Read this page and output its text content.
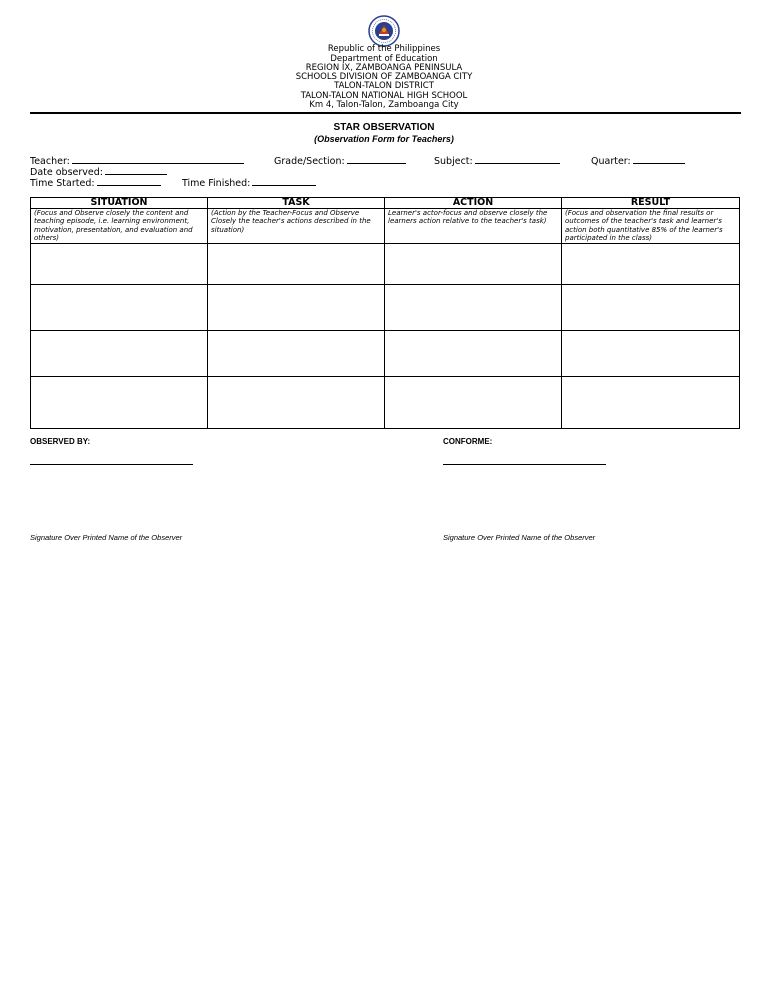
Republic of the Philippines
Department of Education
REGION IX, ZAMBOANGA PENINSULA
SCHOOLS DIVISION OF ZAMBOANGA CITY
TALON-TALON DISTRICT
TALON-TALON NATIONAL HIGH SCHOOL
Km 4, Talon-Talon, Zamboanga City
STAR OBSERVATION
(Observation Form for Teachers)
Teacher:	Grade/Section:	Subject:	Quarter:
Date observed:
Time Started:	Time Finished:
SITUATION	TASK	ACTION	RESULT
(Focus and Observe closely the content and teaching episode, i.e. learning environment, motivation, presentation, and evaluation and others)	(Action by the Teacher-Focus and Observe Closely the teacher's actions described in the situation)	Learner's actor-focus and observe closely the learners action relative to the teacher's task)	(Focus and observation the final results or outcomes of the teacher's task and learner's action both quantitative 85% of the learner's participated in the class)

OBSERVED BY:	CONFORME:
Signature Over Printed Name of the Observer	Signature Over Printed Name of the Observer
